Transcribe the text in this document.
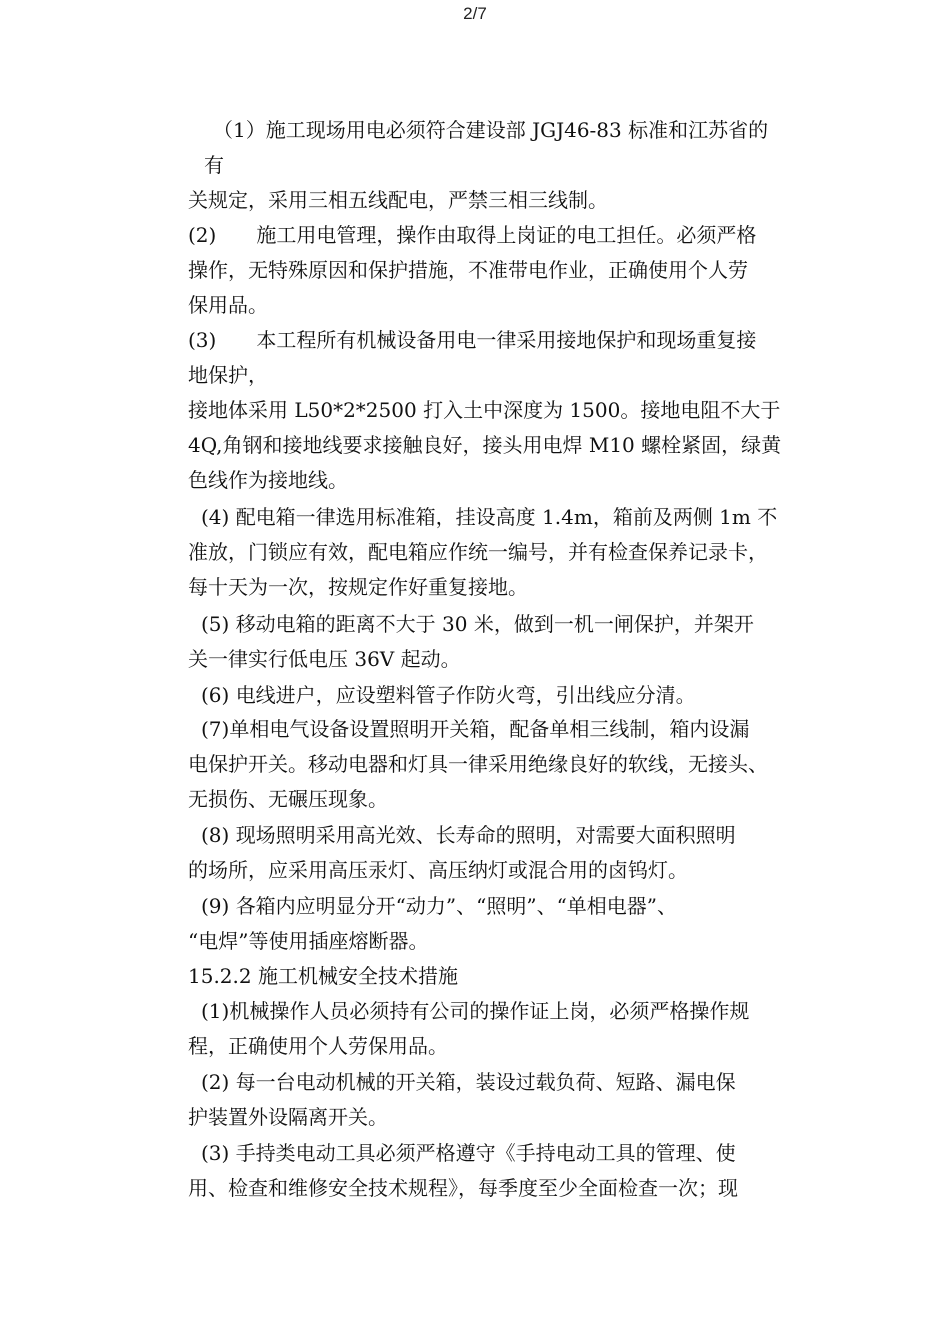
2/7
（1）施工现场用电必须符合建设部 JGJ46-83 标准和江苏省的
有
关规定，采用三相五线配电，严禁三相三线制。
(2)　　施工用电管理，操作由取得上岗证的电工担任。必须严格
操作，无特殊原因和保护措施，不准带电作业，正确使用个人劳
保用品。
(3)　　本工程所有机械设备用电一律采用接地保护和现场重复接
地保护，
接地体采用 L50*2*2500 打入土中深度为 1500。接地电阻不大于
4Q,角钢和接地线要求接触良好，接头用电焊 M10 螺栓紧固，绿黄
色线作为接地线。
(4) 配电箱一律选用标准箱，挂设高度 1.4m，箱前及两侧 1m 不
准放，门锁应有效，配电箱应作统一编号，并有检查保养记录卡，
每十天为一次，按规定作好重复接地。
(5) 移动电箱的距离不大于 30 米，做到一机一闸保护，并架开
关一律实行低电压 36V 起动。
(6) 电线进户，应设塑料管子作防火弯，引出线应分清。
(7)单相电气设备设置照明开关箱，配备单相三线制，箱内设漏
电保护开关。移动电器和灯具一律采用绝缘良好的软线，无接头、
无损伤、无碾压现象。
(8) 现场照明采用高光效、长寿命的照明，对需要大面积照明
的场所，应采用高压汞灯、高压纳灯或混合用的卤钨灯。
(9) 各箱内应明显分开“动力”、“照明”、“单相电器”、
“电焊”等使用插座熔断器。
15.2.2 施工机械安全技术措施
(1)机械操作人员必须持有公司的操作证上岗，必须严格操作规
程，正确使用个人劳保用品。
(2) 每一台电动机械的开关箱，装设过载负荷、短路、漏电保
护装置外设隔离开关。
(3) 手持类电动工具必须严格遵守《手持电动工具的管理、使
用、检查和维修安全技术规程》，每季度至少全面检查一次；现
